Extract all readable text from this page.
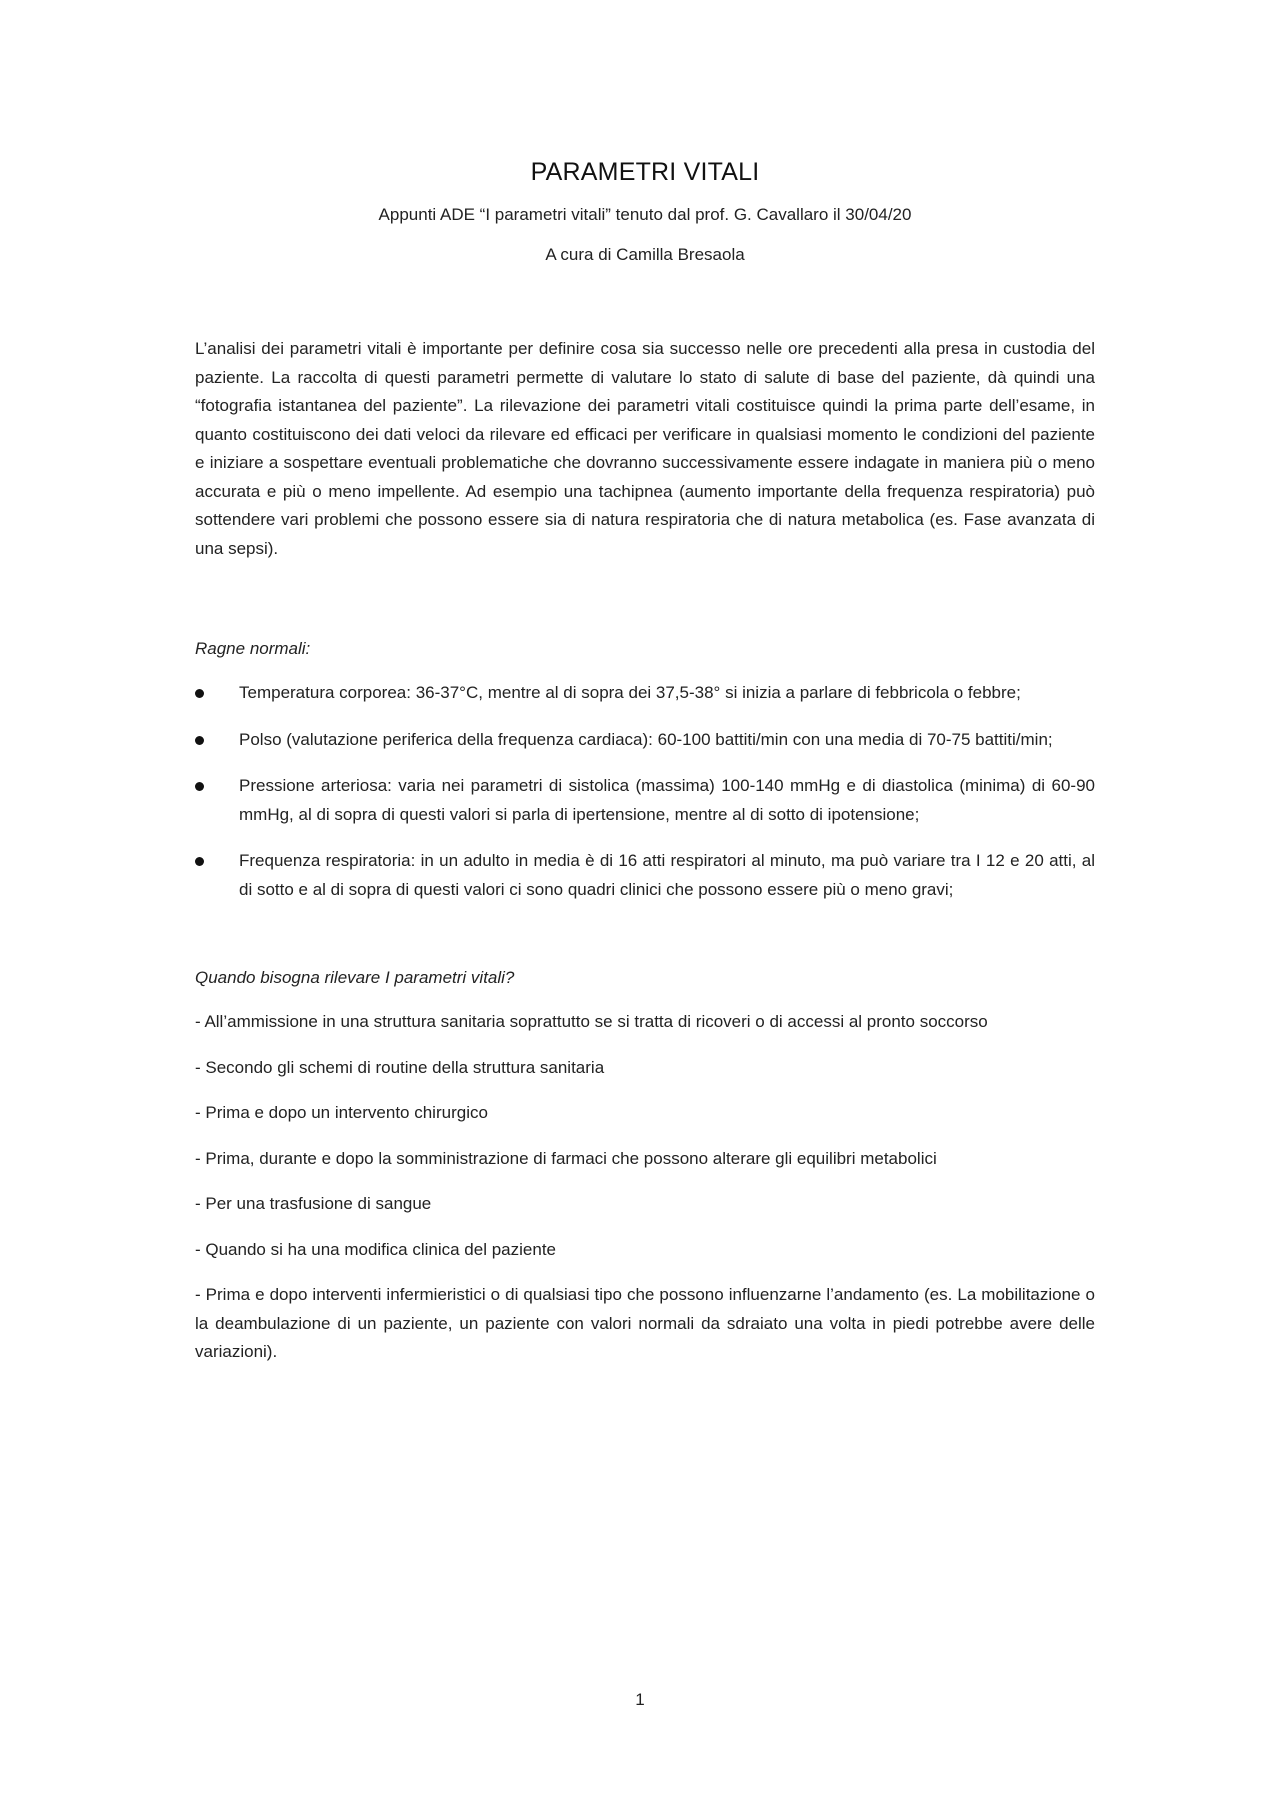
PARAMETRI VITALI

Appunti ADE “I parametri vitali” tenuto dal prof. G. Cavallaro il 30/04/20

A cura di Camilla Bresaola

L’analisi dei parametri vitali è importante per definire cosa sia successo nelle ore precedenti alla presa in custodia del paziente. La raccolta di questi parametri permette di valutare lo stato di salute di base del paziente, dà quindi una “fotografia istantanea del paziente”. La rilevazione dei parametri vitali costituisce quindi la prima parte dell’esame, in quanto costituiscono dei dati veloci da rilevare ed efficaci per verificare in qualsiasi momento le condizioni del paziente e iniziare a sospettare eventuali problematiche che dovranno successivamente essere indagate in maniera più o meno accurata e più o meno impellente. Ad esempio una tachipnea (aumento importante della frequenza respiratoria) può sottendere vari problemi che possono essere sia di natura respiratoria che di natura metabolica (es. Fase avanzata di una sepsi).

Ragne normali:

Temperatura corporea: 36-37°C, mentre al di sopra dei 37,5-38° si inizia a parlare di febbricola o febbre;
Polso (valutazione periferica della frequenza cardiaca): 60-100 battiti/min con una media di 70-75 battiti/min;
Pressione arteriosa: varia nei parametri di sistolica (massima) 100-140 mmHg e di diastolica (minima) di 60-90 mmHg, al di sopra di questi valori si parla di ipertensione, mentre al di sotto di ipotensione;
Frequenza respiratoria: in un adulto in media è di 16 atti respiratori al minuto, ma può variare tra I 12 e 20 atti, al di sotto e al di sopra di questi valori ci sono quadri clinici che possono essere più o meno gravi;

Quando bisogna rilevare I parametri vitali?

- All’ammissione in una struttura sanitaria soprattutto se si tratta di ricoveri o di accessi al pronto soccorso
- Secondo gli schemi di routine della struttura sanitaria
- Prima e dopo un intervento chirurgico
- Prima, durante e dopo la somministrazione di farmaci che possono alterare gli equilibri metabolici
- Per una trasfusione di sangue
- Quando si ha una modifica clinica del paziente
- Prima e dopo interventi infermieristici o di qualsiasi tipo che possono influenzarne l’andamento (es. La mobilitazione o la deambulazione di un paziente, un paziente con valori normali da sdraiato una volta in piedi potrebbe avere delle variazioni).
1
